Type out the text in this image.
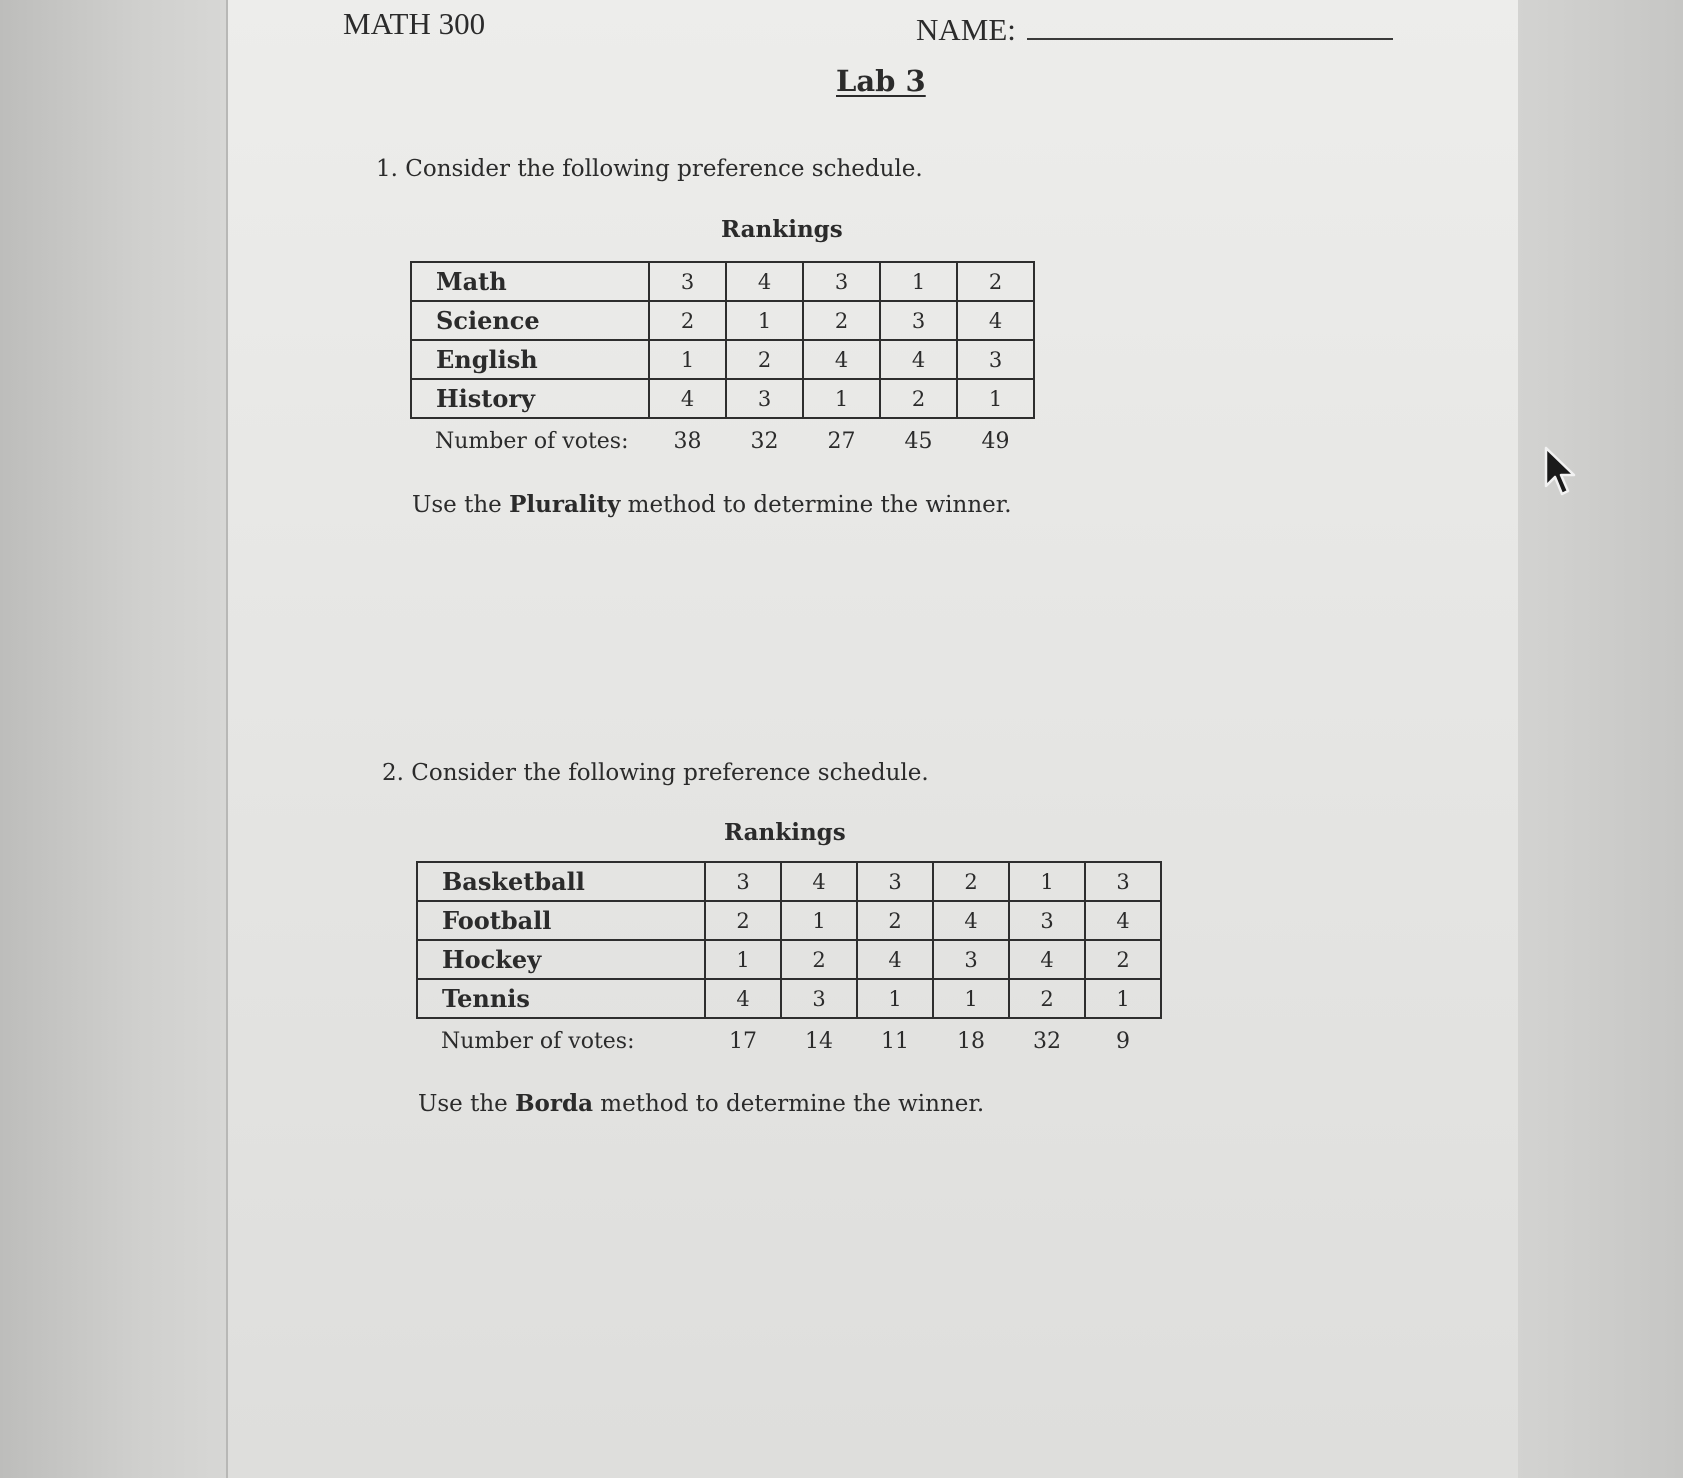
MATH 300	NAME:

Lab 3

1. Consider the following preference schedule.

Rankings

Math	3	4	3	1	2
Science	2	1	2	3	4
English	1	2	4	4	3
History	4	3	1	2	1
Number of votes:	38	32	27	45	49

Use the Plurality method to determine the winner.

2. Consider the following preference schedule.

Rankings

Basketball	3	4	3	2	1	3
Football	2	1	2	4	3	4
Hockey	1	2	4	3	4	2
Tennis	4	3	1	1	2	1
Number of votes:	17	14	11	18	32	9

Use the Borda method to determine the winner.
